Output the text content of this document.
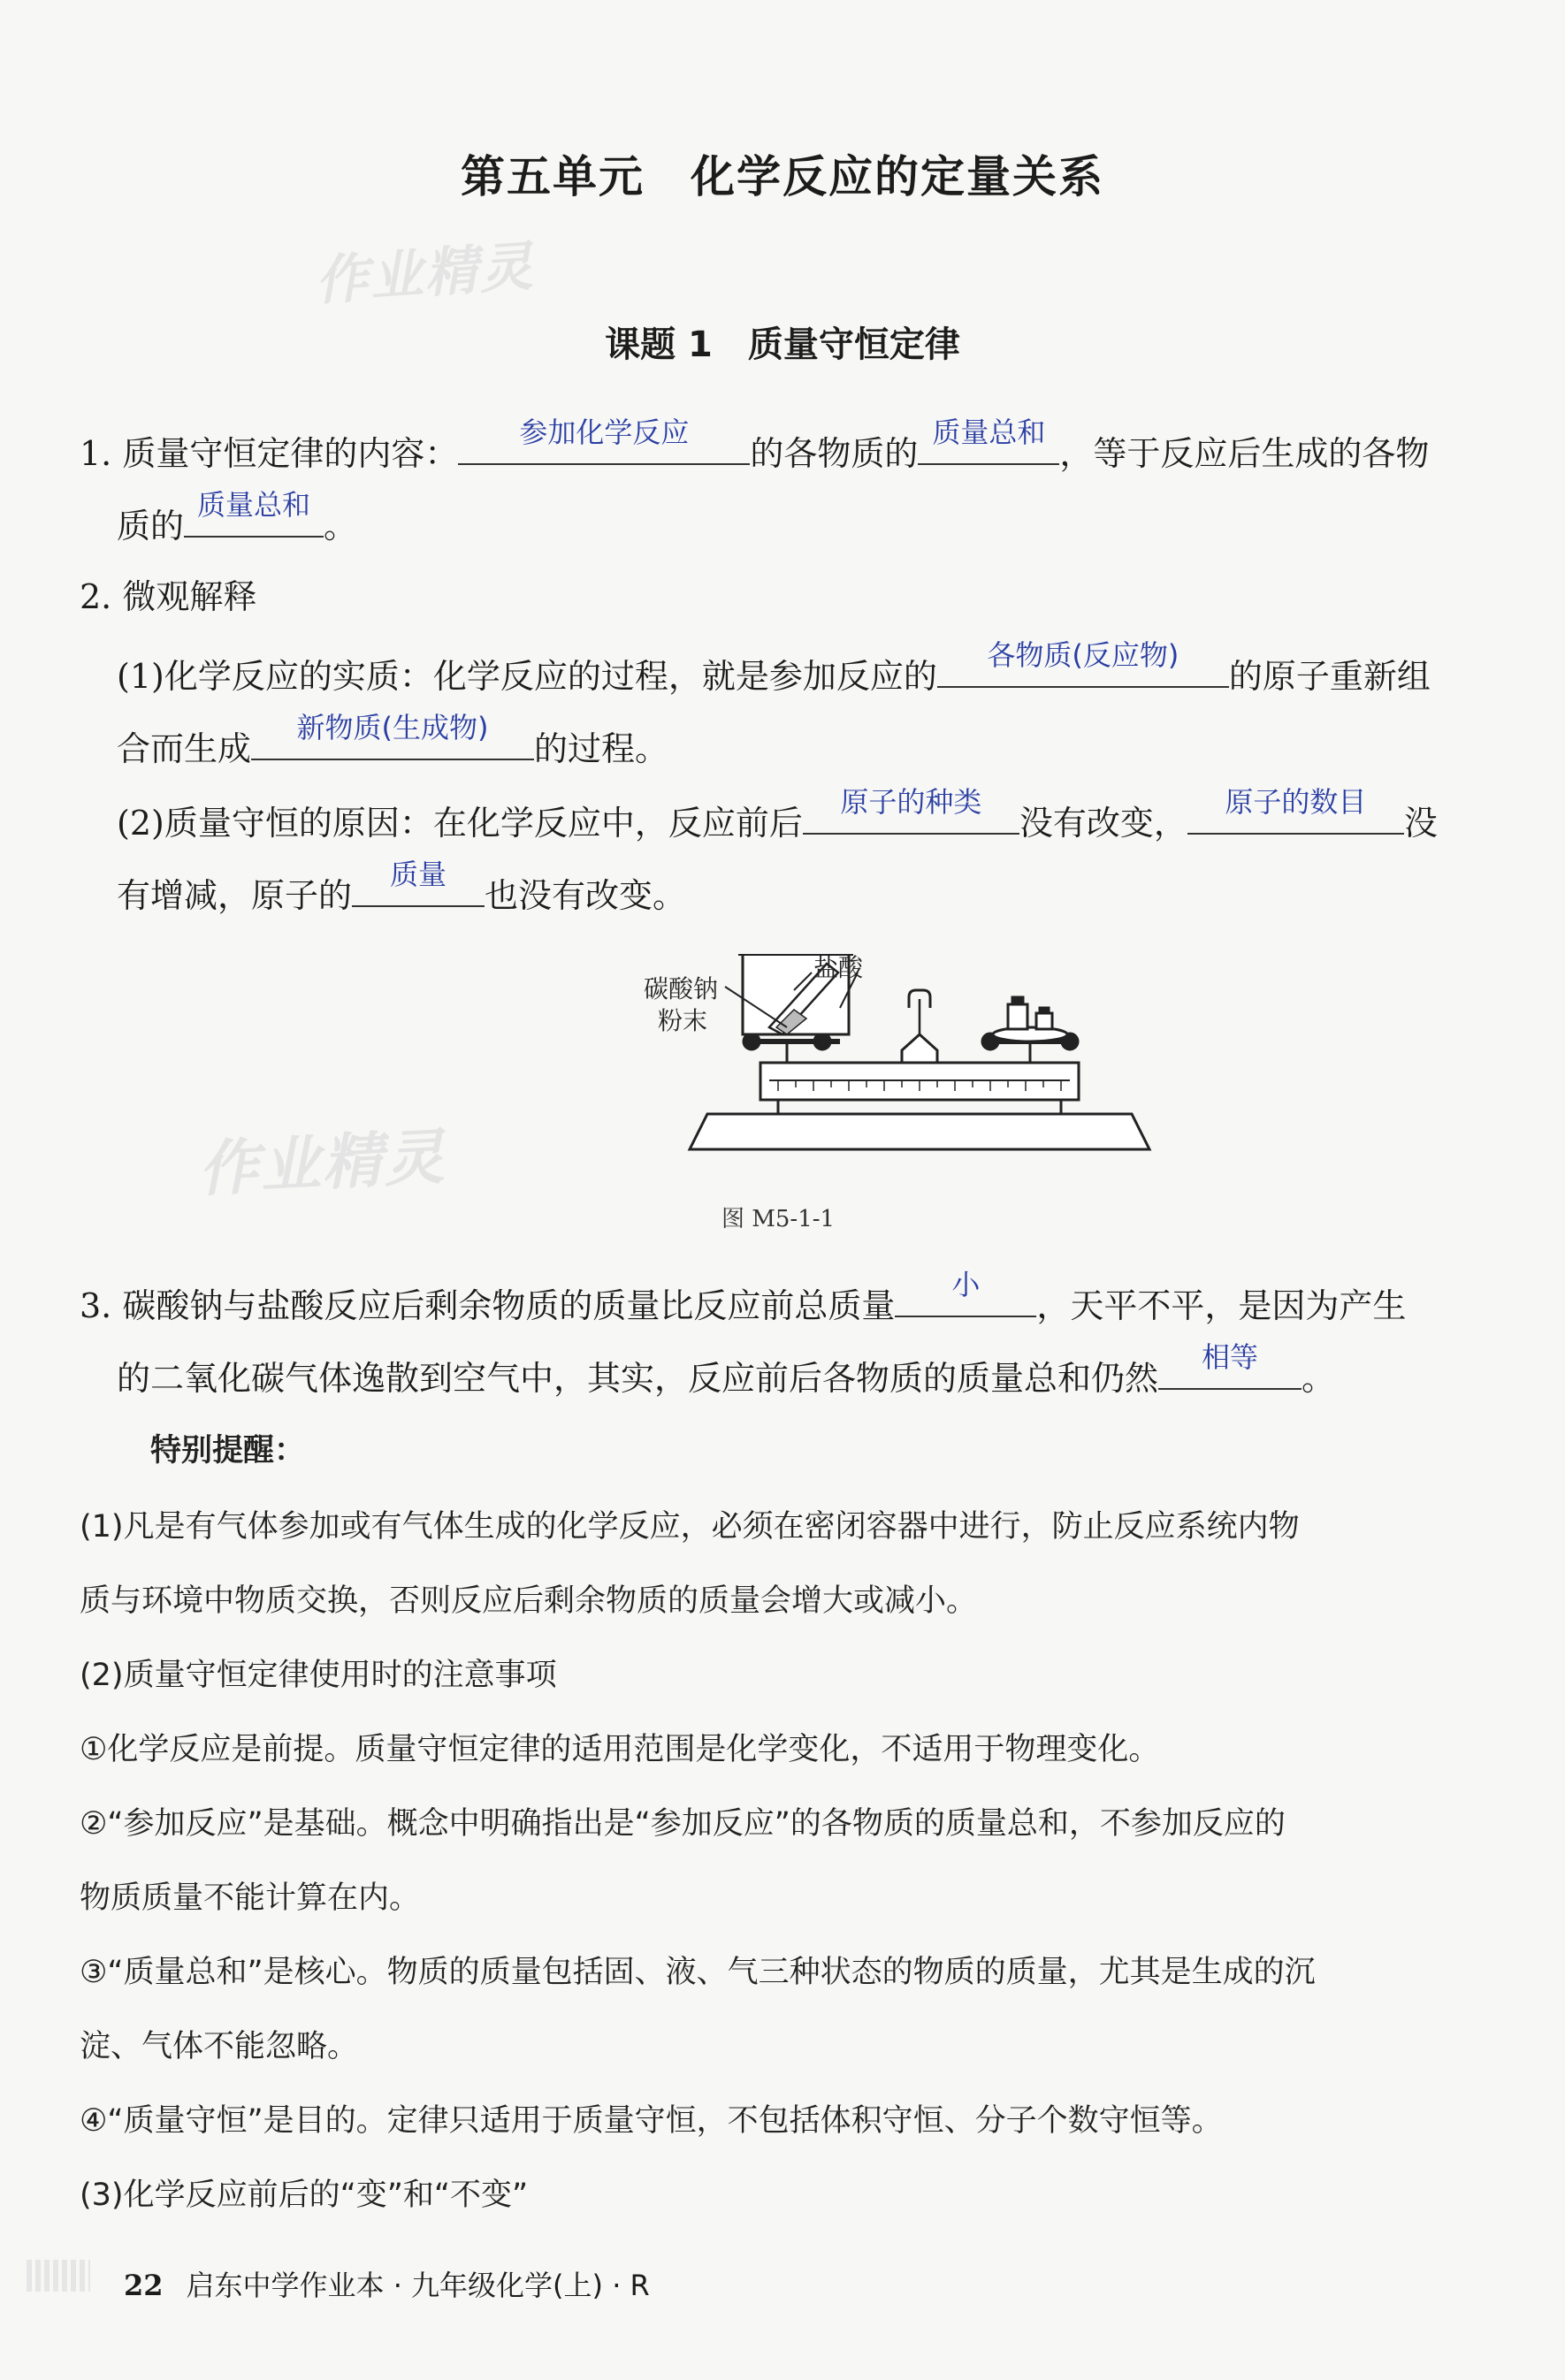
第五单元　化学反应的定量关系
作业精灵
课题 1　质量守恒定律
1. 质量守恒定律的内容：
参加化学反应
的各物质的
质量总和
，等于反应后生成的各物
质的
质量总和
。
2. 微观解释
(1)化学反应的实质：化学反应的过程，就是参加反应的
各物质(反应物)
的原子重新组
合而生成
新物质(生成物)
的过程。
(2)质量守恒的原因：在化学反应中，反应前后
原子的种类
没有改变，
原子的数目
没
有增减，原子的
质量
也没有改变。
碳酸钠
粉末
盐酸
作业精灵
图 M5-1-1
3. 碳酸钠与盐酸反应后剩余物质的质量比反应前总质量
小
，天平不平，是因为产生
的二氧化碳气体逸散到空气中，其实，反应前后各物质的质量总和仍然
相等
。
特别提醒：
(1)凡是有气体参加或有气体生成的化学反应，必须在密闭容器中进行，防止反应系统内物
质与环境中物质交换，否则反应后剩余物质的质量会增大或减小。
(2)质量守恒定律使用时的注意事项
①化学反应是前提。质量守恒定律的适用范围是化学变化，不适用于物理变化。
②“参加反应”是基础。概念中明确指出是“参加反应”的各物质的质量总和，不参加反应的
物质质量不能计算在内。
③“质量总和”是核心。物质的质量包括固、液、气三种状态的物质的质量，尤其是生成的沉
淀、气体不能忽略。
④“质量守恒”是目的。定律只适用于质量守恒，不包括体积守恒、分子个数守恒等。
(3)化学反应前后的“变”和“不变”
22 启东中学作业本 · 九年级化学(上) · R
